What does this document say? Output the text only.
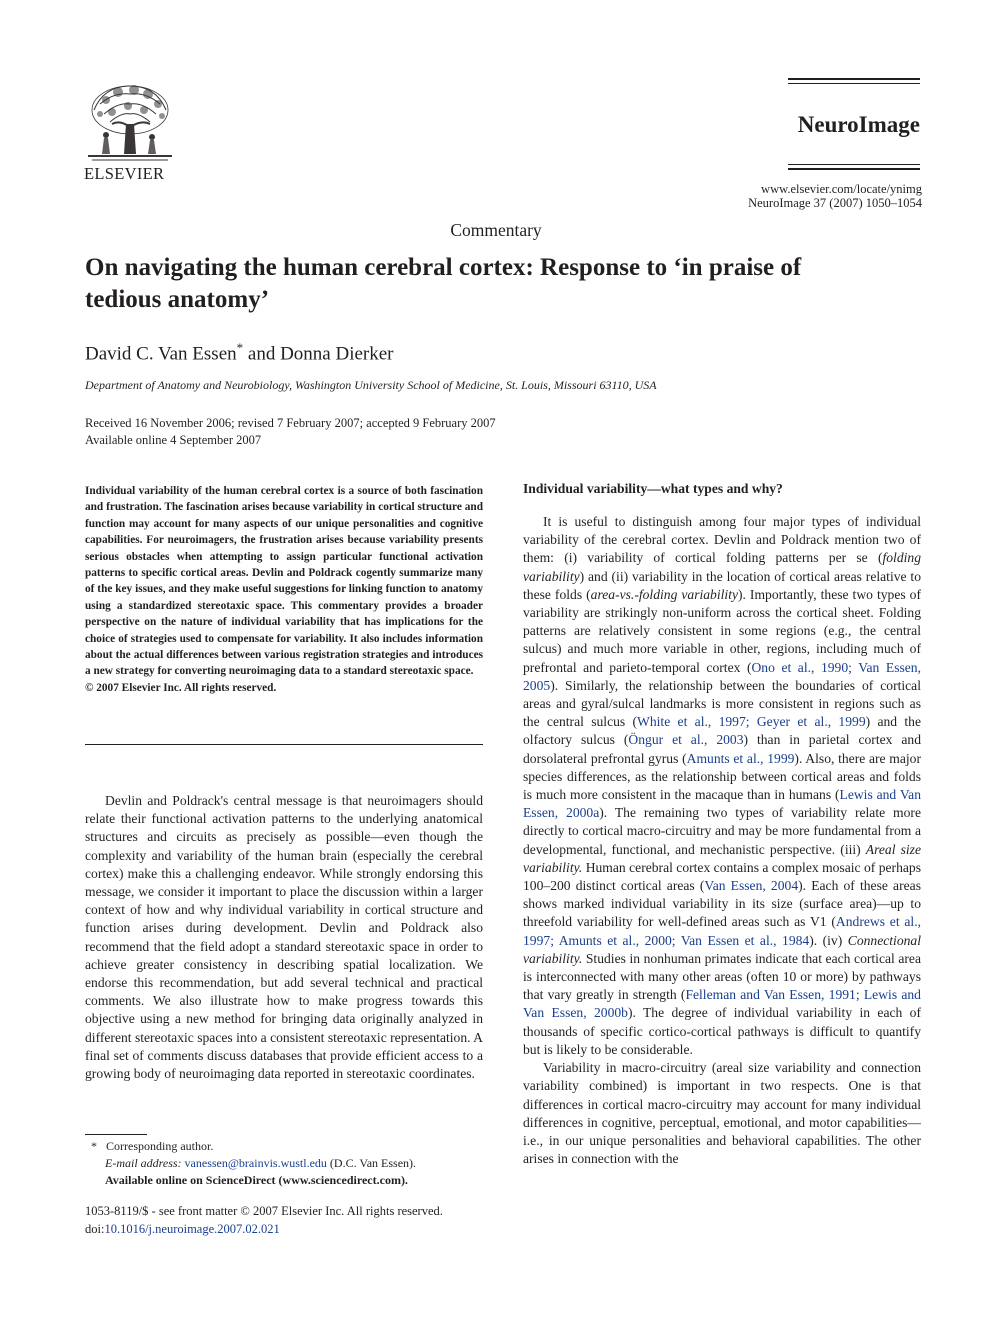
ELSEVIER
NeuroImage
www.elsevier.com/locate/ynimg
NeuroImage 37 (2007) 1050–1054
Commentary
On navigating the human cerebral cortex: Response to ‘in praise of tedious anatomy’
David C. Van Essen* and Donna Dierker
Department of Anatomy and Neurobiology, Washington University School of Medicine, St. Louis, Missouri 63110, USA
Received 16 November 2006; revised 7 February 2007; accepted 9 February 2007
Available online 4 September 2007
Individual variability of the human cerebral cortex is a source of both fascination and frustration. The fascination arises because variability in cortical structure and function may account for many aspects of our unique personalities and cognitive capabilities. For neuroimagers, the frustration arises because variability presents serious obstacles when attempting to assign particular functional activation patterns to specific cortical areas. Devlin and Poldrack cogently summarize many of the key issues, and they make useful suggestions for linking function to anatomy using a standardized stereotaxic space. This commentary provides a broader perspective on the nature of individual variability that has implications for the choice of strategies used to compensate for variability. It also includes information about the actual differences between various registration strategies and introduces a new strategy for converting neuroimaging data to a standard stereotaxic space.
© 2007 Elsevier Inc. All rights reserved.

Devlin and Poldrack's central message is that neuroimagers should relate their functional activation patterns to the underlying anatomical structures and circuits as precisely as possible—even though the complexity and variability of the human brain (especially the cerebral cortex) make this a challenging endeavor. While strongly endorsing this message, we consider it important to place the discussion within a larger context of how and why individual variability in cortical structure and function arises during development. Devlin and Poldrack also recommend that the field adopt a standard stereotaxic space in order to achieve greater consistency in describing spatial localization. We endorse this recommendation, but add several technical and practical comments. We also illustrate how to make progress towards this objective using a new method for bringing data originally analyzed in different stereotaxic spaces into a consistent stereotaxic representation. A final set of comments discuss databases that provide efficient access to a growing body of neuroimaging data reported in stereotaxic coordinates.

Individual variability—what types and why?

It is useful to distinguish among four major types of individual variability of the cerebral cortex. Devlin and Poldrack mention two of them: (i) variability of cortical folding patterns per se (folding variability) and (ii) variability in the location of cortical areas relative to these folds (area-vs.-folding variability). Importantly, these two types of variability are strikingly non-uniform across the cortical sheet. Folding patterns are relatively consistent in some regions (e.g., the central sulcus) and much more variable in other, regions, including much of prefrontal and parieto-temporal cortex (Ono et al., 1990; Van Essen, 2005). Similarly, the relationship between the boundaries of cortical areas and gyral/sulcal landmarks is more consistent in regions such as the central sulcus (White et al., 1997; Geyer et al., 1999) and the olfactory sulcus (Öngur et al., 2003) than in parietal cortex and dorsolateral prefrontal gyrus (Amunts et al., 1999). Also, there are major species differences, as the relationship between cortical areas and folds is much more consistent in the macaque than in humans (Lewis and Van Essen, 2000a). The remaining two types of variability relate more directly to cortical macro-circuitry and may be more fundamental from a developmental, functional, and mechanistic perspective. (iii) Areal size variability. Human cerebral cortex contains a complex mosaic of perhaps 100–200 distinct cortical areas (Van Essen, 2004). Each of these areas shows marked individual variability in its size (surface area)—up to threefold variability for well-defined areas such as V1 (Andrews et al., 1997; Amunts et al., 2000; Van Essen et al., 1984). (iv) Connectional variability. Studies in nonhuman primates indicate that each cortical area is interconnected with many other areas (often 10 or more) by pathways that vary greatly in strength (Felleman and Van Essen, 1991; Lewis and Van Essen, 2000b). The degree of individual variability in each of thousands of specific cortico-cortical pathways is difficult to quantify but is likely to be considerable.

Variability in macro-circuitry (areal size variability and connection variability combined) is important in two respects. One is that differences in cortical macro-circuitry may account for many individual differences in cognitive, perceptual, emotional, and motor capabilities—i.e., in our unique personalities and behavioral capabilities. The other arises in connection with the

* Corresponding author.
E-mail address: vanessen@brainvis.wustl.edu (D.C. Van Essen).
Available online on ScienceDirect (www.sciencedirect.com).
1053-8119/$ - see front matter © 2007 Elsevier Inc. All rights reserved.
doi:10.1016/j.neuroimage.2007.02.021
